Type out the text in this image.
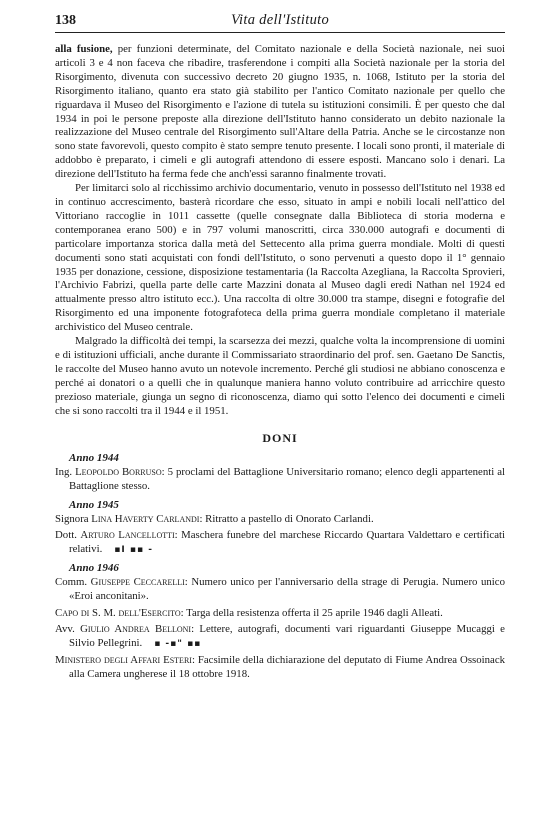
138	Vita dell'Istituto

alla fusione, per funzioni determinate, del Comitato nazionale e della Società nazionale, nei suoi articoli 3 e 4 non faceva che ribadire, trasferendone i compiti alla Società nazionale per la storia del Risorgimento, divenuta con successivo decreto 20 giugno 1935, n. 1068, Istituto per la storia del Risorgimento italiano, quanto era stato già stabilito per l'antico Comitato nazionale per quello che riguardava il Museo del Risorgimento e l'azione di tutela su istituzioni consimili. È per questo che dal 1934 in poi le persone preposte alla direzione dell'Istituto hanno considerato un debito nazionale la realizzazione del Museo centrale del Risorgimento sull'Altare della Patria. Anche se le circostanze non sono state favorevoli, questo compito è stato sempre tenuto presente. I locali sono pronti, il materiale di addobbo è preparato, i cimeli e gli autografi attendono di essere esposti. Mancano solo i denari. La direzione dell'Istituto ha ferma fede che anch'essi saranno finalmente trovati.

Per limitarci solo al ricchissimo archivio documentario, venuto in possesso dell'Istituto nel 1938 ed in continuo accrescimento, basterà ricordare che esso, situato in ampi e nobili locali nell'attico del Vittoriano raccoglie in 1011 cassette (quelle consegnate dalla Biblioteca di storia moderna e contemporanea erano 500) e in 797 volumi manoscritti, circa 330.000 autografi e documenti di particolare importanza storica dalla metà del Settecento alla prima guerra mondiale. Molti di questi documenti sono stati acquistati con fondi dell'Istituto, o sono pervenuti a questo dopo il 1° gennaio 1935 per donazione, cessione, disposizione testamentaria (la Raccolta Azegliana, la Raccolta Sprovieri, l'Archivio Fabrizi, quella parte delle carte Mazzini donata al Museo dagli eredi Nathan nel 1924 ed attualmente presso altro istituto ecc.). Una raccolta di oltre 30.000 tra stampe, disegni e fotografie del Risorgimento ed una imponente fotografoteca della prima guerra mondiale completano il materiale archivistico del Museo centrale.

Malgrado la difficoltà dei tempi, la scarsezza dei mezzi, qualche volta la incomprensione di uomini e di istituzioni ufficiali, anche durante il Commissariato straordinario del prof. sen. Gaetano De Sanctis, le raccolte del Museo hanno avuto un notevole incremento. Perché gli studiosi ne abbiano conoscenza e perché ai donatori o a quelli che in qualunque maniera hanno voluto contribuire ad arricchire questo prezioso materiale, giunga un segno di riconoscenza, diamo qui sotto l'elenco dei documenti e cimeli che si sono raccolti tra il 1944 e il 1951.

DONI
Anno 1944

Ing. Leopoldo Borruso: 5 proclami del Battaglione Universitario romano; elenco degli appartenenti al Battaglione stesso.

Anno 1945

Signora Lina Haverty Carlandi: Ritratto a pastello di Onorato Carlandi.

Dott. Arturo Lancellotti: Maschera funebre del marchese Riccardo Quartara Valdettaro e certificati relativi. ▪I ▪▪ -

Anno 1946

Comm. Giuseppe Ceccarelli: Numero unico per l'anniversario della strage di Perugia. Numero unico «Eroi anconitani».

Capo di S. M. dell'Esercito: Targa della resistenza offerta il 25 aprile 1946 dagli Alleati.

Avv. Giulio Andrea Belloni: Lettere, autografi, documenti vari riguardanti Giuseppe Mucaggi e Silvio Pellegrini. ▪ -▪" ▪▪

Ministero degli Affari Esteri: Facsimile della dichiarazione del deputato di Fiume Andrea Ossoinack alla Camera ungherese il 18 ottobre 1918.
